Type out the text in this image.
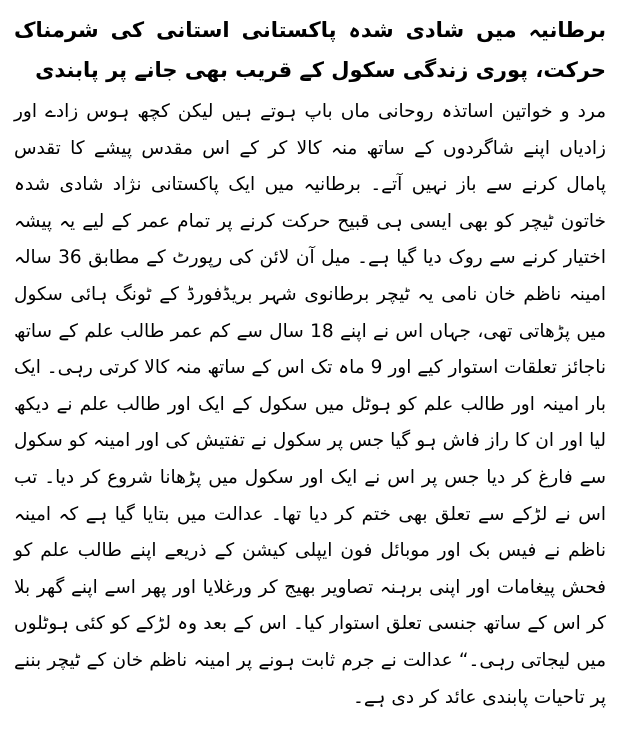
برطانیہ میں شادی شدہ پاکستانی استانی کی شرمناک حرکت، پوری زندگی سکول کے قریب بھی جانے پر پابندی

مرد و خواتین اساتذہ روحانی ماں باپ ہوتے ہیں لیکن کچھ ہوس زادے اور زادیاں اپنے شاگردوں کے ساتھ منہ کالا کر کے اس مقدس پیشے کا تقدس پامال کرنے سے باز نہیں آتے۔ برطانیہ میں ایک پاکستانی نژاد شادی شدہ خاتون ٹیچر کو بھی ایسی ہی قبیح حرکت کرنے پر تمام عمر کے لیے یہ پیشہ اختیار کرنے سے روک دیا گیا ہے۔ میل آن لائن کی رپورٹ کے مطابق 36 سالہ امینہ ناظم خان نامی یہ ٹیچر برطانوی شہر بریڈفورڈ کے ٹونگ ہائی سکول میں پڑھاتی تھی، جہاں اس نے اپنے 18 سال سے کم عمر طالب علم کے ساتھ ناجائز تعلقات استوار کیے اور 9 ماہ تک اس کے ساتھ منہ کالا کرتی رہی۔ ایک بار امینہ اور طالب علم کو ہوٹل میں سکول کے ایک اور طالب علم نے دیکھ لیا اور ان کا راز فاش ہو گیا جس پر سکول نے تفتیش کی اور امینہ کو سکول سے فارغ کر دیا جس پر اس نے ایک اور سکول میں پڑھانا شروع کر دیا۔ تب اس نے لڑکے سے تعلق بھی ختم کر دیا تھا۔ عدالت میں بتایا گیا ہے کہ امینہ ناظم نے فیس بک اور موبائل فون ایپلی کیشن کے ذریعے اپنے طالب علم کو فحش پیغامات اور اپنی برہنہ تصاویر بھیج کر ورغلایا اور پھر اسے اپنے گھر بلا کر اس کے ساتھ جنسی تعلق استوار کیا۔ اس کے بعد وہ لڑکے کو کئی ہوٹلوں میں لیجاتی رہی۔“ عدالت نے جرم ثابت ہونے پر امینہ ناظم خان کے ٹیچر بننے پر تاحیات پابندی عائد کر دی ہے۔
